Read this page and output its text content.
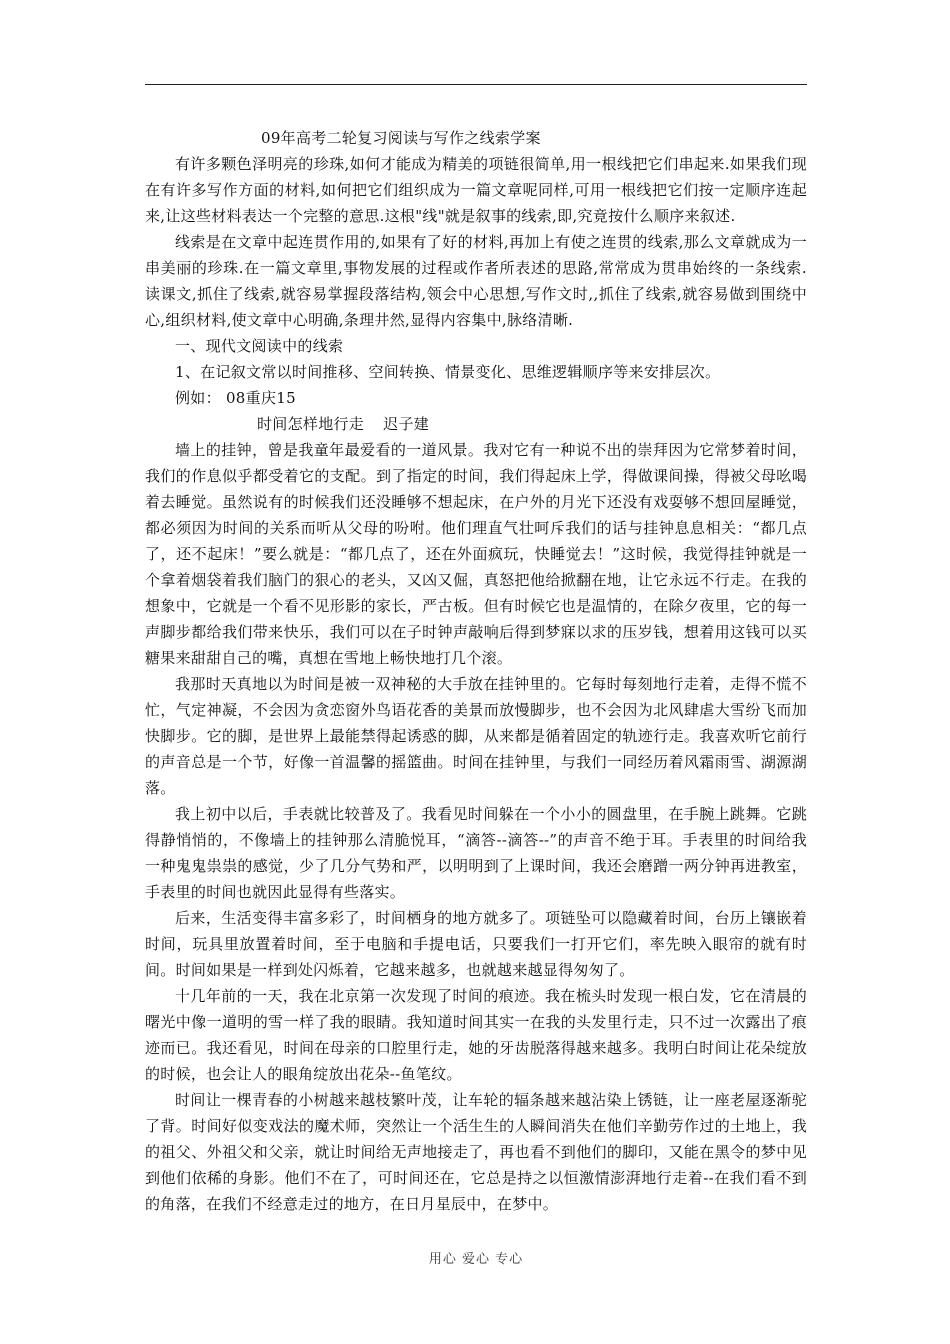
09年高考二轮复习阅读与写作之线索学案

有许多颗色泽明亮的珍珠,如何才能成为精美的项链很简单,用一根线把它们串起来.如果我们现在有许多写作方面的材料,如何把它们组织成为一篇文章呢同样,可用一根线把它们按一定顺序连起来,让这些材料表达一个完整的意思.这根"线"就是叙事的线索,即,究竟按什么顺序来叙述.

线索是在文章中起连贯作用的,如果有了好的材料,再加上有使之连贯的线索,那么文章就成为一串美丽的珍珠.在一篇文章里,事物发展的过程或作者所表述的思路,常常成为贯串始终的一条线索.读课文,抓住了线索,就容易掌握段落结构,领会中心思想,写作文时,,抓住了线索,就容易做到围绕中心,组织材料,使文章中心明确,条理井然,显得内容集中,脉络清晰.

一、现代文阅读中的线索

1、在记叙文常以时间推移、空间转换、情景变化、思维逻辑顺序等来安排层次。

例如： 08重庆15

时间怎样地行走 迟子建

墙上的挂钟，曾是我童年最爱看的一道风景。我对它有一种说不出的崇拜因为它常梦着时间，我们的作息似乎都受着它的支配。到了指定的时间，我们得起床上学，得做课间操，得被父母吆喝着去睡觉。虽然说有的时候我们还没睡够不想起床，在户外的月光下还没有戏耍够不想回屋睡觉，都必须因为时间的关系而听从父母的吩咐。他们理直气壮呵斥我们的话与挂钟息息相关：“都几点了，还不起床！”要么就是：“都几点了，还在外面疯玩，快睡觉去！”这时候，我觉得挂钟就是一个拿着烟袋着我们脑门的狠心的老头，又凶又倔，真怒把他给掀翻在地，让它永远不行走。在我的想象中，它就是一个看不见形影的家长，严古板。但有时候它也是温情的，在除夕夜里，它的每一声脚步都给我们带来快乐，我们可以在子时钟声敲响后得到梦寐以求的压岁钱，想着用这钱可以买糖果来甜甜自己的嘴，真想在雪地上畅快地打几个滚。

我那时天真地以为时间是被一双神秘的大手放在挂钟里的。它每时每刻地行走着，走得不慌不忙，气定神凝，不会因为贪恋窗外鸟语花香的美景而放慢脚步，也不会因为北风肆虐大雪纷飞而加快脚步。它的脚，是世界上最能禁得起诱惑的脚，从来都是循着固定的轨迹行走。我喜欢听它前行的声音总是一个节，好像一首温馨的摇篮曲。时间在挂钟里，与我们一同经历着风霜雨雪、湖源湖落。

我上初中以后，手表就比较普及了。我看见时间躲在一个小小的圆盘里，在手腕上跳舞。它跳得静悄悄的，不像墙上的挂钟那么清脆悦耳，“滴答--滴答--”的声音不绝于耳。手表里的时间给我一种鬼鬼祟祟的感觉，少了几分气势和严，以明明到了上课时间，我还会磨蹭一两分钟再进教室，手表里的时间也就因此显得有些落实。

后来，生活变得丰富多彩了，时间栖身的地方就多了。项链坠可以隐藏着时间，台历上镶嵌着时间，玩具里放置着时间，至于电脑和手提电话，只要我们一打开它们，率先映入眼帘的就有时间。时间如果是一样到处闪烁着，它越来越多，也就越来越显得匆匆了。

十几年前的一天，我在北京第一次发现了时间的痕迹。我在梳头时发现一根白发，它在清晨的曙光中像一道明的雪一样了我的眼睛。我知道时间其实一在我的头发里行走，只不过一次露出了痕迹而已。我还看见，时间在母亲的口腔里行走，她的牙齿脱落得越来越多。我明白时间让花朵绽放的时候，也会让人的眼角绽放出花朵--鱼笔纹。

时间让一棵青春的小树越来越枝繁叶茂，让车轮的辐条越来越沾染上锈链，让一座老屋逐渐驼了背。时间好似变戏法的魔术师，突然让一个活生生的人瞬间消失在他们辛勤劳作过的土地上，我的祖父、外祖父和父亲，就让时间给无声地接走了，再也看不到他们的脚印，又能在黑令的梦中见到他们依稀的身影。他们不在了，可时间还在，它总是持之以恒激情澎湃地行走着--在我们看不到的角落，在我们不经意走过的地方，在日月星辰中，在梦中。

用心 爱心 专心
